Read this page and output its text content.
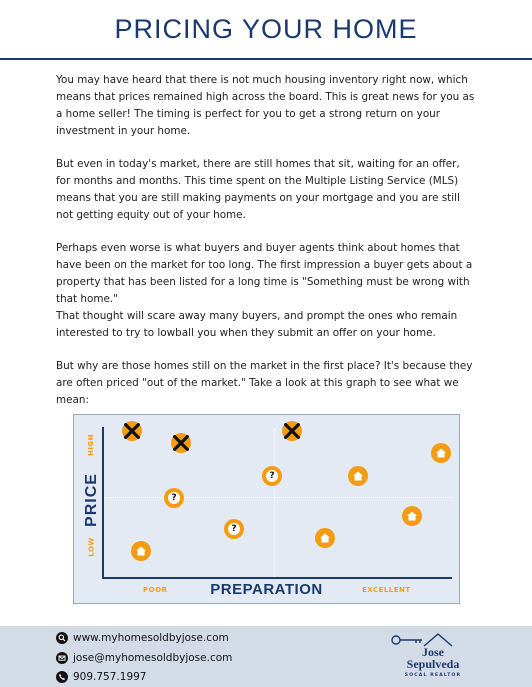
PRICING YOUR HOME

You may have heard that there is not much housing inventory right now, which means that prices remained high across the board. This is great news for you as a home seller! The timing is perfect for you to get a strong return on your investment in your home.

But even in today's market, there are still homes that sit, waiting for an offer, for months and months. This time spent on the Multiple Listing Service (MLS) means that you are still making payments on your mortgage and you are still not getting equity out of your home.

Perhaps even worse is what buyers and buyer agents think about homes that have been on the market for too long. The first impression a buyer gets about a property that has been listed for a long time is "Something must be wrong with that home."

That thought will scare away many buyers, and prompt the ones who remain interested to try to lowball you when they submit an offer on your home.

But why are those homes still on the market in the first place? It's because they are often priced "out of the market." Take a look at this graph to see what we mean:

PRICE
HIGH
LOW
POOR	EXCELLENT
PREPARATION
?
?
?
www.myhomesoldbyjose.com
jose@myhomesoldbyjose.com
909.757.1997
Jose
Sepulveda
SOCAL REALTOR
